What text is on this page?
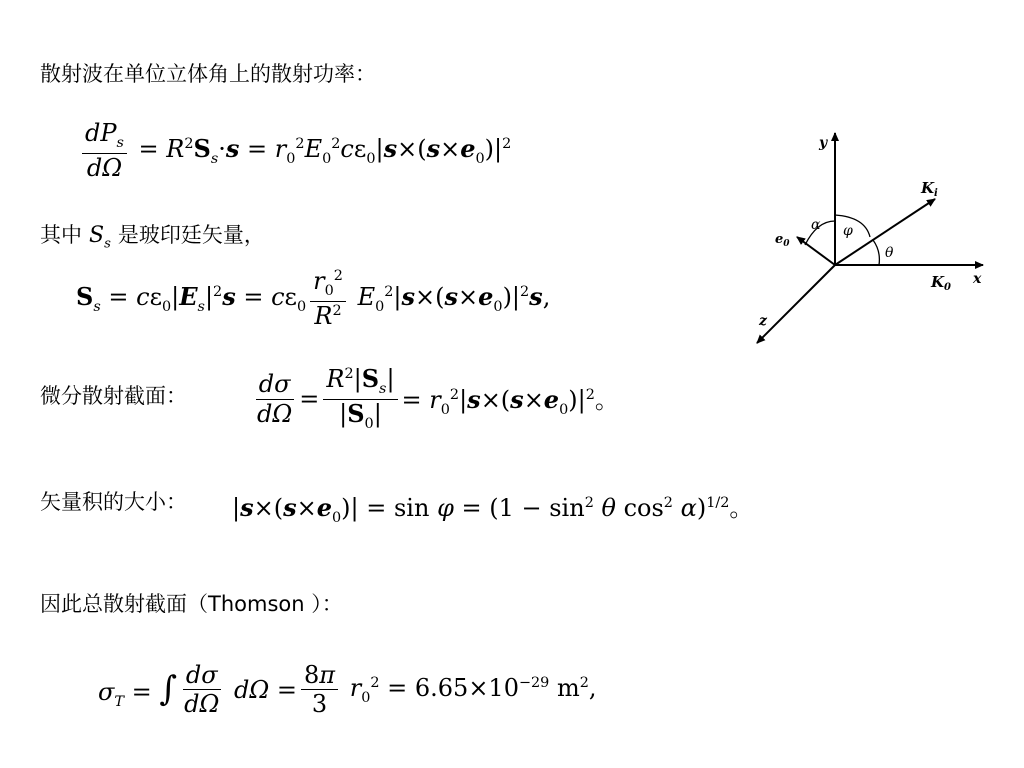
散射波在单位立体角上的散射功率：
$\frac{dP_s}{d\Omega} = R^2S_s\cdot s = r_0^2E_0^2c\varepsilon_0|s\times(s\times e_0)|^2$
其中 $S_s$ 是玻印廷矢量，
$S_s = c\varepsilon_0|E_s|^2s = c\varepsilon_0 \frac{r_0^2}{R^2} E_0^2|s\times(s\times e_0)|^2s$,
y
x
z
$K_i$
$K_0$
$e_0$
α φ
θ
微分散射截面：	$\frac{d\sigma}{d\Omega} = \frac{R^2|S_s|}{|S_0|} = r_0^2|s\times(s\times e_0)|^2$。
矢量积的大小： $|s\times(s\times e_0)| = \sin \varphi = (1 - \sin^2 \theta$ $\cos^2 \alpha)^{1/2}$。
因此总散射截面（Thomson ）：
$\sigma_T$ = ∫ $\frac{d\sigma}{d\Omega}$ $d\Omega = \frac{8\pi}{3} r_0^2 = 6.65\times 10^{-29}$ $m^2$,
